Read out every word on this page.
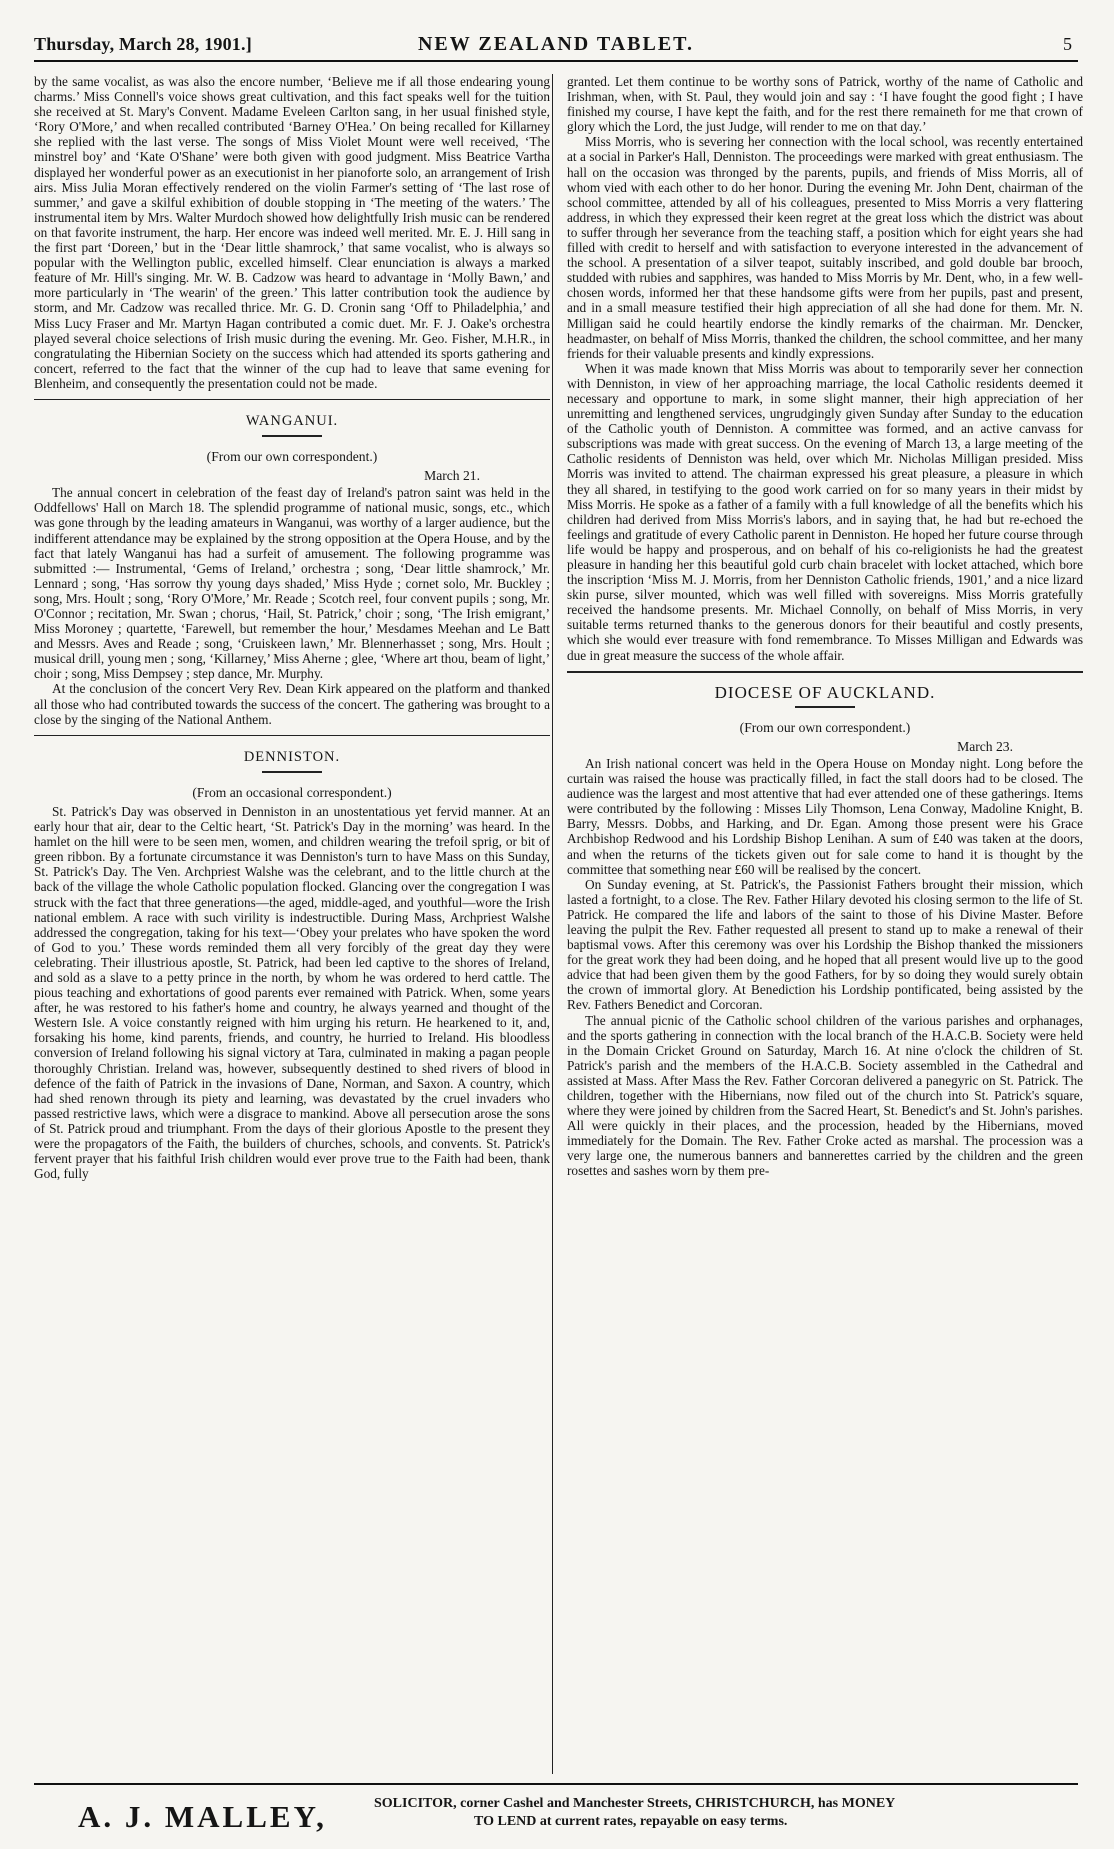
Thursday, March 28, 1901.]	NEW ZEALAND TABLET.	5

by the same vocalist, as was also the encore number, ‘Believe me if all those endearing young charms.’ Miss Connell's voice shows great cultivation, and this fact speaks well for the tuition she received at St. Mary's Convent. Madame Eveleen Carlton sang, in her usual finished style, ‘Rory O'More,’ and when recalled contributed ‘Barney O'Hea.’ On being recalled for Killarney she replied with the last verse. The songs of Miss Violet Mount were well received, ‘The minstrel boy’ and ‘Kate O'Shane’ were both given with good judgment. Miss Beatrice Vartha displayed her wonderful power as an executionist in her pianoforte solo, an arrangement of Irish airs. Miss Julia Moran effectively rendered on the violin Farmer's setting of ‘The last rose of summer,’ and gave a skilful exhibition of double stopping in ‘The meeting of the waters.’ The instrumental item by Mrs. Walter Murdoch showed how delightfully Irish music can be rendered on that favorite instrument, the harp. Her encore was indeed well merited. Mr. E. J. Hill sang in the first part ‘Doreen,’ but in the ‘Dear little shamrock,’ that same vocalist, who is always so popular with the Wellington public, excelled himself. Clear enunciation is always a marked feature of Mr. Hill's singing. Mr. W. B. Cadzow was heard to advantage in ‘Molly Bawn,’ and more particularly in ‘The wearin' of the green.’ This latter contribution took the audience by storm, and Mr. Cadzow was recalled thrice. Mr. G. D. Cronin sang ‘Off to Philadelphia,’ and Miss Lucy Fraser and Mr. Martyn Hagan contributed a comic duet. Mr. F. J. Oake's orchestra played several choice selections of Irish music during the evening. Mr. Geo. Fisher, M.H.R., in congratulating the Hibernian Society on the success which had attended its sports gathering and concert, referred to the fact that the winner of the cup had to leave that same evening for Blenheim, and consequently the presentation could not be made.

WANGANUI.
(From our own correspondent.)
March 21.

The annual concert in celebration of the feast day of Ireland's patron saint was held in the Oddfellows' Hall on March 18. The splendid programme of national music, songs, etc., which was gone through by the leading amateurs in Wanganui, was worthy of a larger audience, but the indifferent attendance may be explained by the strong opposition at the Opera House, and by the fact that lately Wanganui has had a surfeit of amusement. The following programme was submitted :— Instrumental, ‘Gems of Ireland,’ orchestra ; song, ‘Dear little shamrock,’ Mr. Lennard ; song, ‘Has sorrow thy young days shaded,’ Miss Hyde ; cornet solo, Mr. Buckley ; song, Mrs. Hoult ; song, ‘Rory O'More,’ Mr. Reade ; Scotch reel, four convent pupils ; song, Mr. O'Connor ; recitation, Mr. Swan ; chorus, ‘Hail, St. Patrick,’ choir ; song, ‘The Irish emigrant,’ Miss Moroney ; quartette, ‘Farewell, but remember the hour,’ Mesdames Meehan and Le Batt and Messrs. Aves and Reade ; song, ‘Cruiskeen lawn,’ Mr. Blennerhasset ; song, Mrs. Hoult ; musical drill, young men ; song, ‘Killarney,’ Miss Aherne ; glee, ‘Where art thou, beam of light,’ choir ; song, Miss Dempsey ; step dance, Mr. Murphy.

At the conclusion of the concert Very Rev. Dean Kirk appeared on the platform and thanked all those who had contributed towards the success of the concert. The gathering was brought to a close by the singing of the National Anthem.

DENNISTON.
(From an occasional correspondent.)

St. Patrick's Day was observed in Denniston in an unostentatious yet fervid manner. At an early hour that air, dear to the Celtic heart, ‘St. Patrick's Day in the morning’ was heard. In the hamlet on the hill were to be seen men, women, and children wearing the trefoil sprig, or bit of green ribbon. By a fortunate circumstance it was Denniston's turn to have Mass on this Sunday, St. Patrick's Day. The Ven. Archpriest Walshe was the celebrant, and to the little church at the back of the village the whole Catholic population flocked. Glancing over the congregation I was struck with the fact that three generations—the aged, middle-aged, and youthful—wore the Irish national emblem. A race with such virility is indestructible. During Mass, Archpriest Walshe addressed the congregation, taking for his text—‘Obey your prelates who have spoken the word of God to you.’ These words reminded them all very forcibly of the great day they were celebrating. Their illustrious apostle, St. Patrick, had been led captive to the shores of Ireland, and sold as a slave to a petty prince in the north, by whom he was ordered to herd cattle. The pious teaching and exhortations of good parents ever remained with Patrick. When, some years after, he was restored to his father's home and country, he always yearned and thought of the Western Isle. A voice constantly reigned with him urging his return. He hearkened to it, and, forsaking his home, kind parents, friends, and country, he hurried to Ireland. His bloodless conversion of Ireland following his signal victory at Tara, culminated in making a pagan people thoroughly Christian. Ireland was, however, subsequently destined to shed rivers of blood in defence of the faith of Patrick in the invasions of Dane, Norman, and Saxon. A country, which had shed renown through its piety and learning, was devastated by the cruel invaders who passed restrictive laws, which were a disgrace to mankind. Above all persecution arose the sons of St. Patrick proud and triumphant. From the days of their glorious Apostle to the present they were the propagators of the Faith, the builders of churches, schools, and convents. St. Patrick's fervent prayer that his faithful Irish children would ever prove true to the Faith had been, thank God, fully

granted. Let them continue to be worthy sons of Patrick, worthy of the name of Catholic and Irishman, when, with St. Paul, they would join and say : ‘I have fought the good fight ; I have finished my course, I have kept the faith, and for the rest there remaineth for me that crown of glory which the Lord, the just Judge, will render to me on that day.’

Miss Morris, who is severing her connection with the local school, was recently entertained at a social in Parker's Hall, Denniston. The proceedings were marked with great enthusiasm. The hall on the occasion was thronged by the parents, pupils, and friends of Miss Morris, all of whom vied with each other to do her honor. During the evening Mr. John Dent, chairman of the school committee, attended by all of his colleagues, presented to Miss Morris a very flattering address, in which they expressed their keen regret at the great loss which the district was about to suffer through her severance from the teaching staff, a position which for eight years she had filled with credit to herself and with satisfaction to everyone interested in the advancement of the school. A presentation of a silver teapot, suitably inscribed, and gold double bar brooch, studded with rubies and sapphires, was handed to Miss Morris by Mr. Dent, who, in a few well-chosen words, informed her that these handsome gifts were from her pupils, past and present, and in a small measure testified their high appreciation of all she had done for them. Mr. N. Milligan said he could heartily endorse the kindly remarks of the chairman. Mr. Dencker, headmaster, on behalf of Miss Morris, thanked the children, the school committee, and her many friends for their valuable presents and kindly expressions.

When it was made known that Miss Morris was about to temporarily sever her connection with Denniston, in view of her approaching marriage, the local Catholic residents deemed it necessary and opportune to mark, in some slight manner, their high appreciation of her unremitting and lengthened services, ungrudgingly given Sunday after Sunday to the education of the Catholic youth of Denniston. A committee was formed, and an active canvass for subscriptions was made with great success. On the evening of March 13, a large meeting of the Catholic residents of Denniston was held, over which Mr. Nicholas Milligan presided. Miss Morris was invited to attend. The chairman expressed his great pleasure, a pleasure in which they all shared, in testifying to the good work carried on for so many years in their midst by Miss Morris. He spoke as a father of a family with a full knowledge of all the benefits which his children had derived from Miss Morris's labors, and in saying that, he had but re-echoed the feelings and gratitude of every Catholic parent in Denniston. He hoped her future course through life would be happy and prosperous, and on behalf of his co-religionists he had the greatest pleasure in handing her this beautiful gold curb chain bracelet with locket attached, which bore the inscription ‘Miss M. J. Morris, from her Denniston Catholic friends, 1901,’ and a nice lizard skin purse, silver mounted, which was well filled with sovereigns. Miss Morris gratefully received the handsome presents. Mr. Michael Connolly, on behalf of Miss Morris, in very suitable terms returned thanks to the generous donors for their beautiful and costly presents, which she would ever treasure with fond remembrance. To Misses Milligan and Edwards was due in great measure the success of the whole affair.

DIOCESE OF AUCKLAND.
(From our own correspondent.)
March 23.

An Irish national concert was held in the Opera House on Monday night. Long before the curtain was raised the house was practically filled, in fact the stall doors had to be closed. The audience was the largest and most attentive that had ever attended one of these gatherings. Items were contributed by the following : Misses Lily Thomson, Lena Conway, Madoline Knight, B. Barry, Messrs. Dobbs, and Harking, and Dr. Egan. Among those present were his Grace Archbishop Redwood and his Lordship Bishop Lenihan. A sum of £40 was taken at the doors, and when the returns of the tickets given out for sale come to hand it is thought by the committee that something near £60 will be realised by the concert.

On Sunday evening, at St. Patrick's, the Passionist Fathers brought their mission, which lasted a fortnight, to a close. The Rev. Father Hilary devoted his closing sermon to the life of St. Patrick. He compared the life and labors of the saint to those of his Divine Master. Before leaving the pulpit the Rev. Father requested all present to stand up to make a renewal of their baptismal vows. After this ceremony was over his Lordship the Bishop thanked the missioners for the great work they had been doing, and he hoped that all present would live up to the good advice that had been given them by the good Fathers, for by so doing they would surely obtain the crown of immortal glory. At Benediction his Lordship pontificated, being assisted by the Rev. Fathers Benedict and Corcoran.

The annual picnic of the Catholic school children of the various parishes and orphanages, and the sports gathering in connection with the local branch of the H.A.C.B. Society were held in the Domain Cricket Ground on Saturday, March 16. At nine o'clock the children of St. Patrick's parish and the members of the H.A.C.B. Society assembled in the Cathedral and assisted at Mass. After Mass the Rev. Father Corcoran delivered a panegyric on St. Patrick. The children, together with the Hibernians, now filed out of the church into St. Patrick's square, where they were joined by children from the Sacred Heart, St. Benedict's and St. John's parishes. All were quickly in their places, and the procession, headed by the Hibernians, moved immediately for the Domain. The Rev. Father Croke acted as marshal. The procession was a very large one, the numerous banners and bannerettes carried by the children and the green rosettes and sashes worn by them pre-

A. J. MALLEY,	SOLICITOR, corner Cashel and Manchester Streets, CHRISTCHURCH, has MONEY
TO LEND at current rates, repayable on easy terms.
